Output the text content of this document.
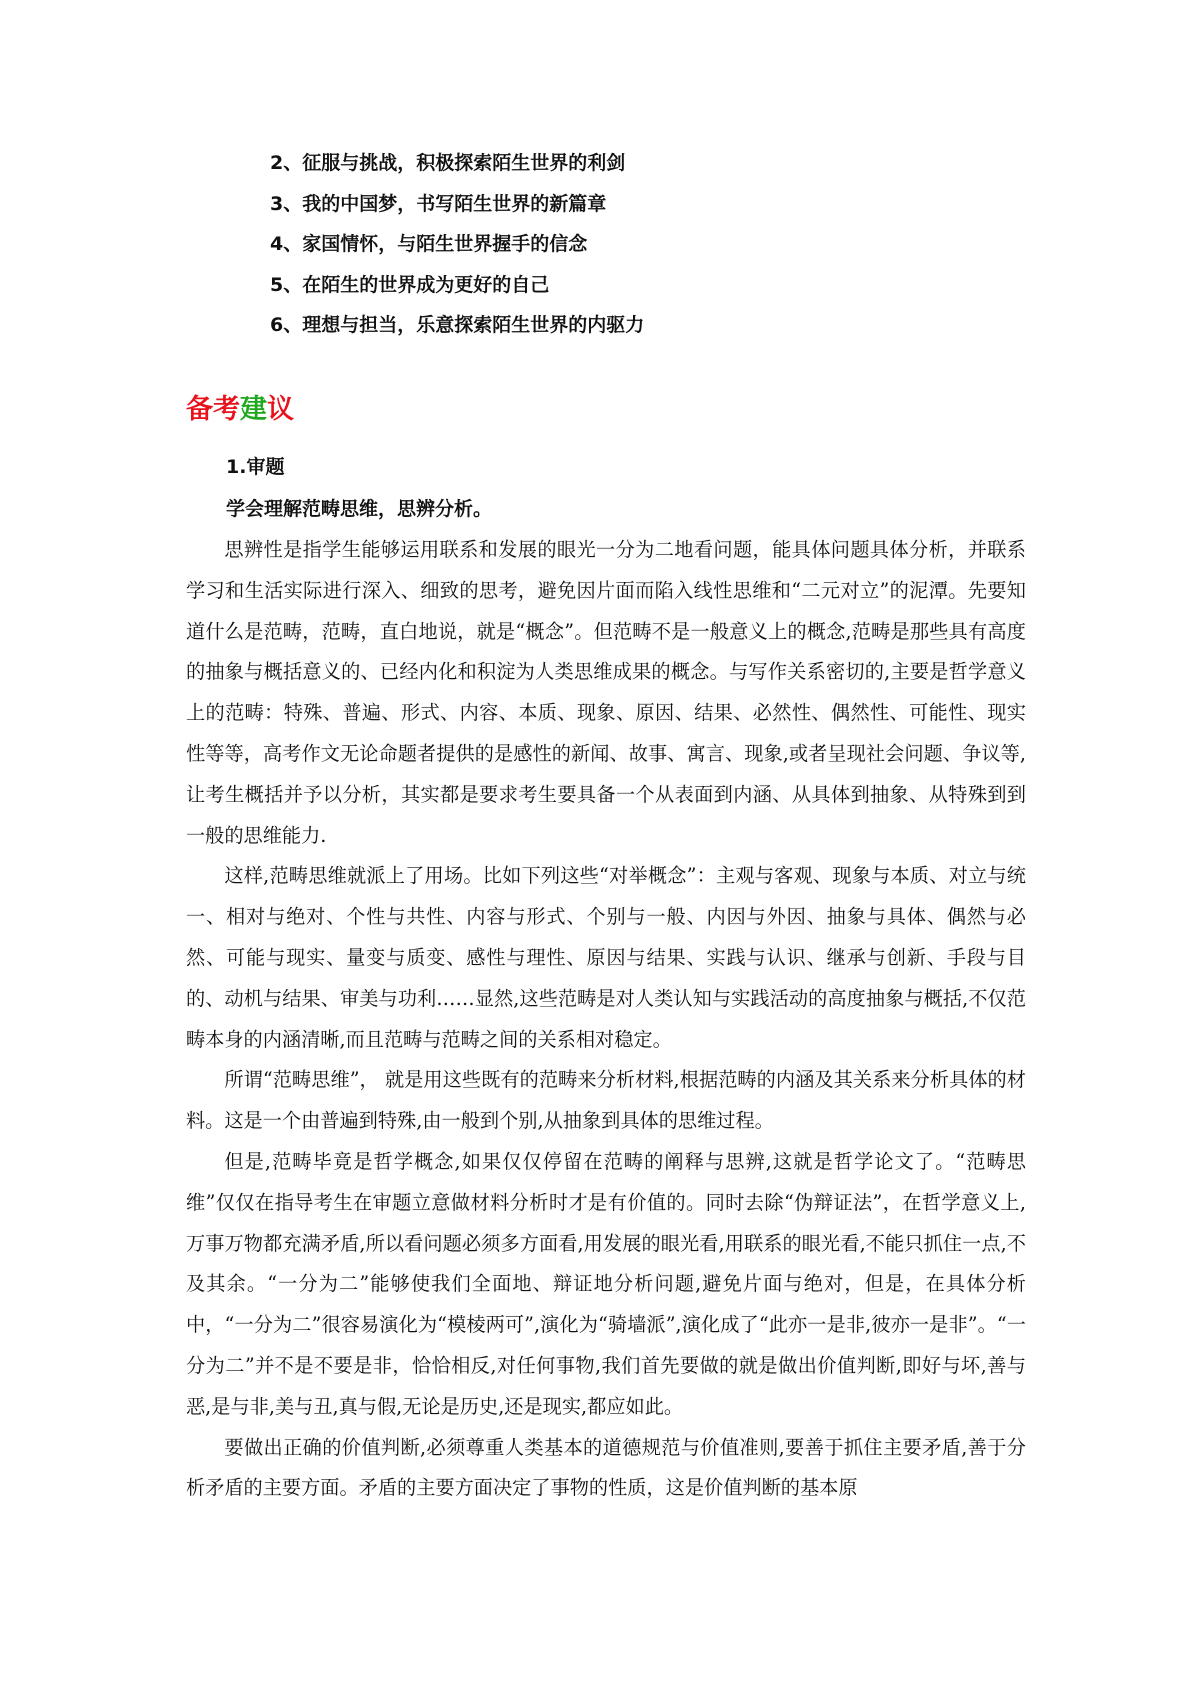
2、征服与挑战，积极探索陌生世界的利剑
3、我的中国梦，书写陌生世界的新篇章
4、家国情怀，与陌生世界握手的信念
5、在陌生的世界成为更好的自己
6、理想与担当，乐意探索陌生世界的内驱力
备考建议
1.审题
学会理解范畴思维，思辨分析。

思辨性是指学生能够运用联系和发展的眼光一分为二地看问题，能具体问题具体分析，并联系学习和生活实际进行深入、细致的思考，避免因片面而陷入线性思维和“二元对立”的泥潭。先要知道什么是范畴，范畴，直白地说，就是“概念”。但范畴不是一般意义上的概念,范畴是那些具有高度的抽象与概括意义的、已经内化和积淀为人类思维成果的概念。与写作关系密切的,主要是哲学意义上的范畴：特殊、普遍、形式、内容、本质、现象、原因、结果、必然性、偶然性、可能性、现实性等等，高考作文无论命题者提供的是感性的新闻、故事、寓言、现象,或者呈现社会问题、争议等,让考生概括并予以分析，其实都是要求考生要具备一个从表面到内涵、从具体到抽象、从特殊到到一般的思维能力.

这样,范畴思维就派上了用场。比如下列这些“对举概念”：主观与客观、现象与本质、对立与统一、相对与绝对、个性与共性、内容与形式、个别与一般、内因与外因、抽象与具体、偶然与必然、可能与现实、量变与质变、感性与理性、原因与结果、实践与认识、继承与创新、手段与目的、动机与结果、审美与功利……显然,这些范畴是对人类认知与实践活动的高度抽象与概括,不仅范畴本身的内涵清晰,而且范畴与范畴之间的关系相对稳定。

所谓“范畴思维”， 就是用这些既有的范畴来分析材料,根据范畴的内涵及其关系来分析具体的材料。这是一个由普遍到特殊,由一般到个别,从抽象到具体的思维过程。

但是,范畴毕竟是哲学概念,如果仅仅停留在范畴的阐释与思辨,这就是哲学论文了。“范畴思维”仅仅在指导考生在审题立意做材料分析时才是有价值的。同时去除“伪辩证法”，在哲学意义上,万事万物都充满矛盾,所以看问题必须多方面看,用发展的眼光看,用联系的眼光看,不能只抓住一点,不及其余。“一分为二”能够使我们全面地、辩证地分析问题,避免片面与绝对，但是，在具体分析中，“一分为二”很容易演化为“模棱两可”,演化为“骑墙派”,演化成了“此亦一是非,彼亦一是非”。“一分为二”并不是不要是非，恰恰相反,对任何事物,我们首先要做的就是做出价值判断,即好与坏,善与恶,是与非,美与丑,真与假,无论是历史,还是现实,都应如此。

要做出正确的价值判断,必须尊重人类基本的道德规范与价值准则,要善于抓住主要矛盾,善于分析矛盾的主要方面。矛盾的主要方面决定了事物的性质，这是价值判断的基本原
